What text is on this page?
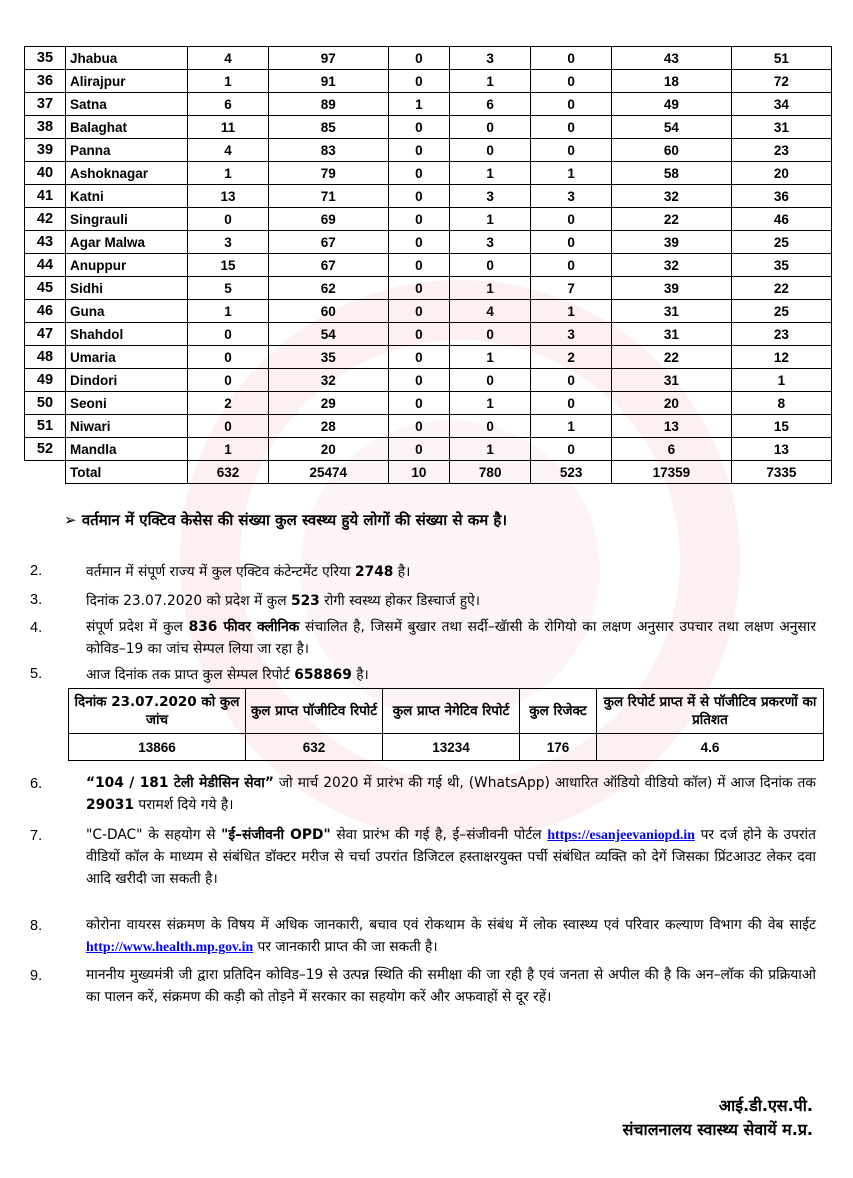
35	Jhabua	4	97	0	3	0	43	51
36	Alirajpur	1	91	0	1	0	18	72
37	Satna	6	89	1	6	0	49	34
38	Balaghat	11	85	0	0	0	54	31
39	Panna	4	83	0	0	0	60	23
40	Ashoknagar	1	79	0	1	1	58	20
41	Katni	13	71	0	3	3	32	36
42	Singrauli	0	69	0	1	0	22	46
43	Agar Malwa	3	67	0	3	0	39	25
44	Anuppur	15	67	0	0	0	32	35
45	Sidhi	5	62	0	1	7	39	22
46	Guna	1	60	0	4	1	31	25
47	Shahdol	0	54	0	0	3	31	23
48	Umaria	0	35	0	1	2	22	12
49	Dindori	0	32	0	0	0	31	1
50	Seoni	2	29	0	1	0	20	8
51	Niwari	0	28	0	0	1	13	15
52	Mandla	1	20	0	1	0	6	13
	Total	632	25474	10	780	523	17359	7335
➢ वर्तमान में एक्टिव केसेस की संख्या कुल स्वस्थ्य हुये लोगों की संख्या से कम है।
2.	वर्तमान में संपूर्ण राज्य में कुल एक्टिव कंटेन्टमेंट एरिया 2748 है।
3.	दिनांक 23.07.2020 को प्रदेश में कुल 523 रोगी स्वस्थ्य होकर डिस्चार्ज हुऐ।
4.	संपूर्ण प्रदेश में कुल 836 फीवर क्लीनिक संचालित है, जिसमें बुखार तथा सर्दी–खॅासी के रोगियो का लक्षण अनुसार उपचार तथा लक्षण अनुसार कोविड–19 का जांच सेम्पल लिया जा रहा है।
5.	आज दिनांक तक प्राप्त कुल सेम्पल रिपोर्ट 658869 है।
दिनांक 23.07.2020 को कुल जांच	कुल प्राप्त पॉजीटिव रिपोर्ट	कुल प्राप्त नेगेटिव रिपोर्ट	कुल रिजेक्ट	कुल रिपोर्ट प्राप्त में से पॉजीटिव प्रकरणों का प्रतिशत
13866	632	13234	176	4.6
6.	“104 / 181 टेली मेडीसिन सेवा” जो मार्च 2020 में प्रारंभ की गई थी, (WhatsApp) आधारित ऑडियो वीडियो कॉल) में आज दिनांक तक 29031 परामर्श दिये गये है।
7.	"C-DAC" के सहयोग से "ई–संजीवनी OPD" सेवा प्रारंभ की गई है, ई–संजीवनी पोर्टल https://esanjeevaniopd.in पर दर्ज होने के उपरांत वीडियों कॉल के माध्यम से संबंधित डॉक्टर मरीज से चर्चा उपरांत डिजिटल हस्ताक्षरयुक्त पर्ची संबंधित व्यक्ति को देगें जिसका प्रिंटआउट लेकर दवा आदि खरीदी जा सकती है।
8.	कोरोना वायरस संक्रमण के विषय में अधिक जानकारी, बचाव एवं रोकथाम के संबंध में लोक स्वास्थ्य एवं परिवार कल्याण विभाग की वेब साईट http://www.health.mp.gov.in पर जानकारी प्राप्त की जा सकती है।
9.	माननीय मुख्यमंत्री जी द्वारा प्रतिदिन कोविड–19 से उत्पन्न स्थिति की समीक्षा की जा रही है एवं जनता से अपील की है कि अन–लॉक की प्रक्रियाओ का पालन करें, संक्रमण की कड़ी को तोड़ने में सरकार का सहयोग करें और अफवाहों से दूर रहें।
आई.डी.एस.पी.
संचालनालय स्वास्थ्य सेवायें म.प्र.
